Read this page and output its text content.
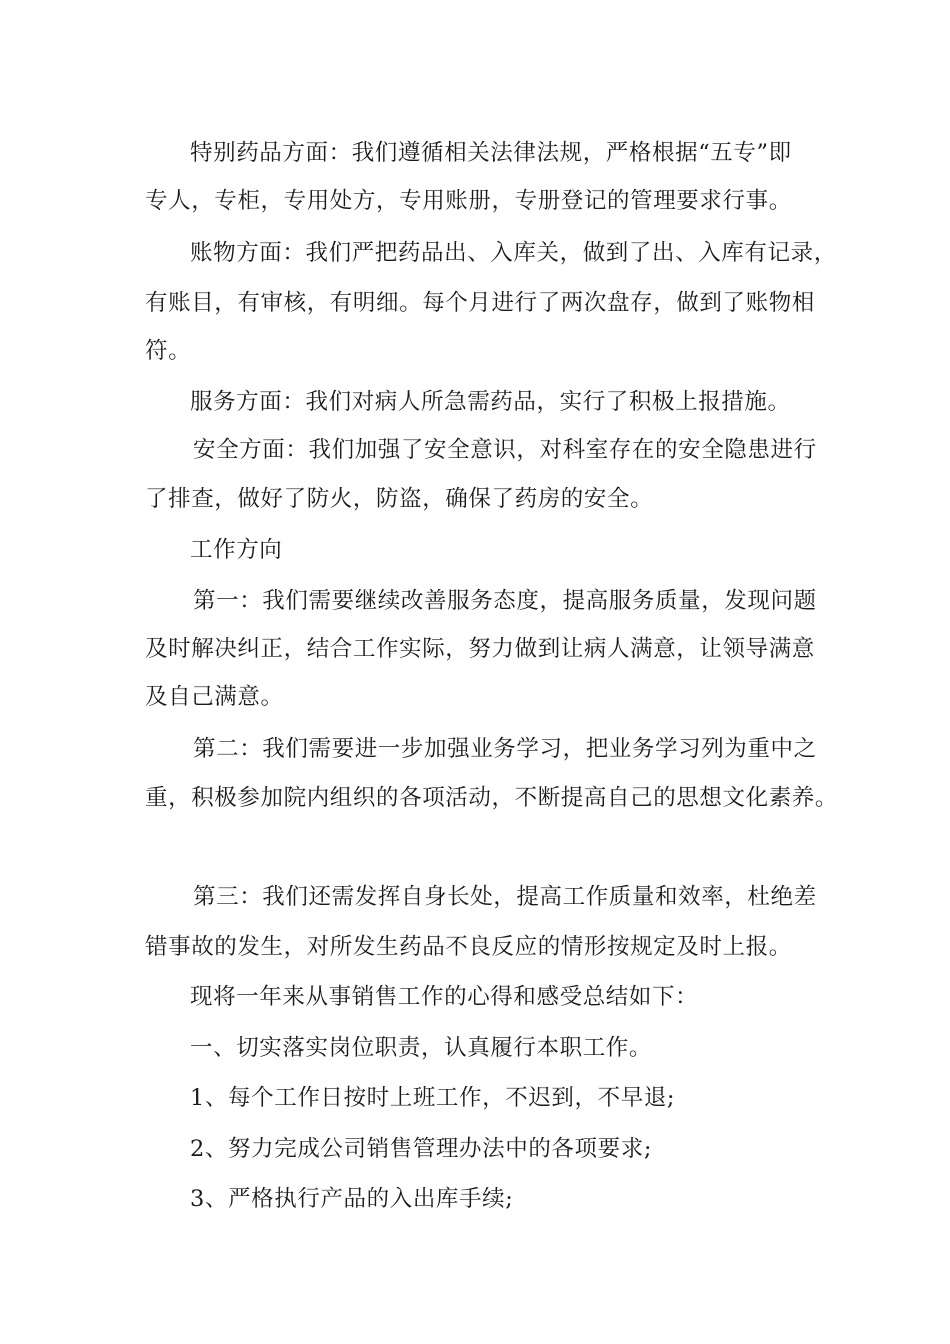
特别药品方面：我们遵循相关法律法规，严格根据“五专”即
专人，专柜，专用处方，专用账册，专册登记的管理要求行事。
账物方面：我们严把药品出、入库关，做到了出、入库有记录，
有账目，有审核，有明细。每个月进行了两次盘存，做到了账物相
符。
服务方面：我们对病人所急需药品，实行了积极上报措施。
安全方面：我们加强了安全意识，对科室存在的安全隐患进行
了排查，做好了防火，防盗，确保了药房的安全。
工作方向
第一：我们需要继续改善服务态度，提高服务质量，发现问题
及时解决纠正，结合工作实际，努力做到让病人满意，让领导满意
及自己满意。
第二：我们需要进一步加强业务学习，把业务学习列为重中之
重，积极参加院内组织的各项活动，不断提高自己的思想文化素养。
第三：我们还需发挥自身长处，提高工作质量和效率，杜绝差
错事故的发生，对所发生药品不良反应的情形按规定及时上报。
现将一年来从事销售工作的心得和感受总结如下：
一、切实落实岗位职责，认真履行本职工作。
1、每个工作日按时上班工作，不迟到，不早退;
2、努力完成公司销售管理办法中的各项要求;
3、严格执行产品的入出库手续;
